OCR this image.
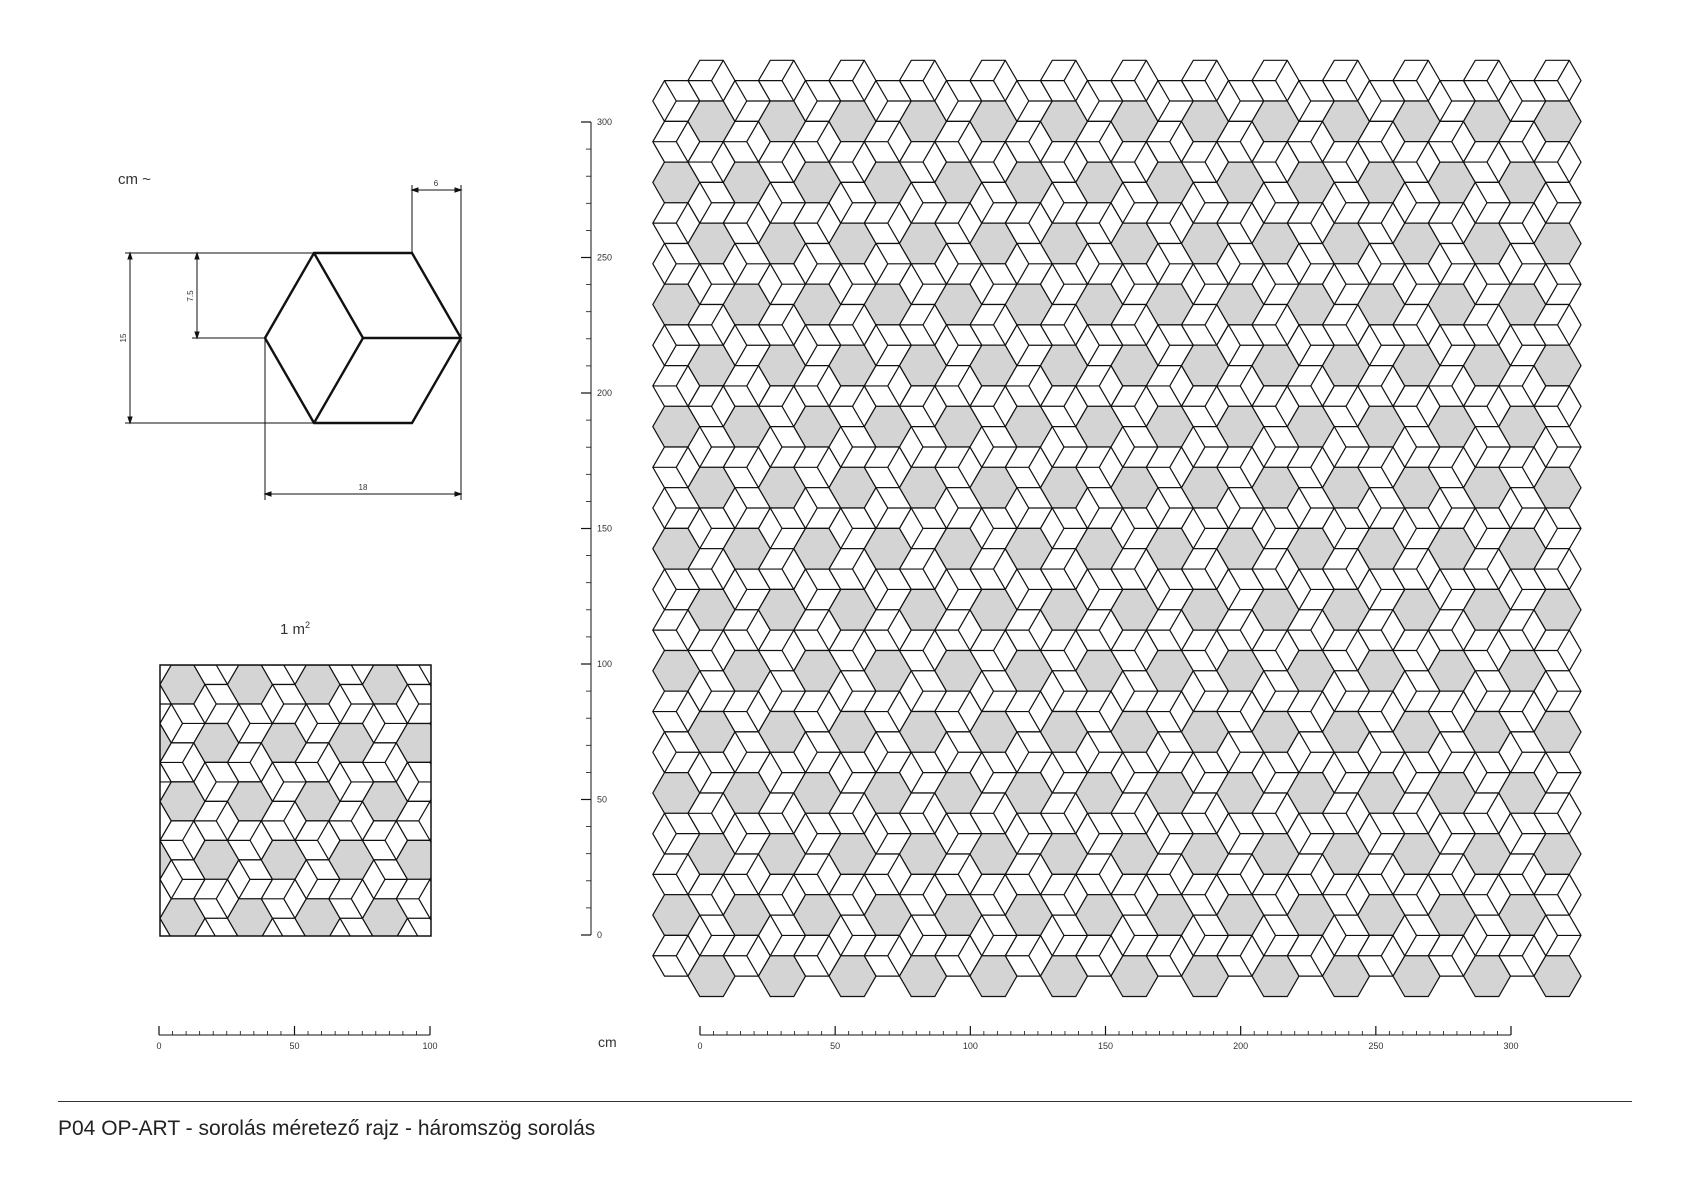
6
7.5
15
18
0
50
100
150
200
250
300
0	50	100	0	50	100	150	200	250	300
cm ~
1 $m^2$
cm
P04 OP-ART - sorolás méretező rajz - háromszög sorolás
